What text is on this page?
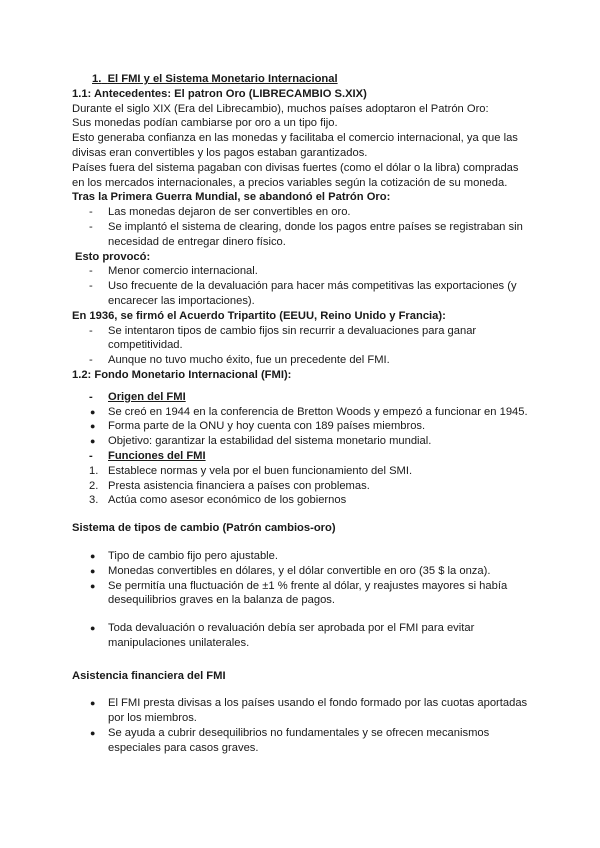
1. El FMI y el Sistema Monetario Internacional

1.1: Antecedentes: El patron Oro (LIBRECAMBIO S.XIX)

Durante el siglo XIX (Era del Librecambio), muchos países adoptaron el Patrón Oro:

Sus monedas podían cambiarse por oro a un tipo fijo.

Esto generaba confianza en las monedas y facilitaba el comercio internacional, ya que las divisas eran convertibles y los pagos estaban garantizados.

Países fuera del sistema pagaban con divisas fuertes (como el dólar o la libra) compradas en los mercados internacionales, a precios variables según la cotización de su moneda.

Tras la Primera Guerra Mundial, se abandonó el Patrón Oro:

-	Las monedas dejaron de ser convertibles en oro.
-	Se implantó el sistema de clearing, donde los pagos entre países se registraban sin necesidad de entregar dinero físico.

Esto provocó:

-	Menor comercio internacional.
-	Uso frecuente de la devaluación para hacer más competitivas las exportaciones (y encarecer las importaciones).

En 1936, se firmó el Acuerdo Tripartito (EEUU, Reino Unido y Francia):

-	Se intentaron tipos de cambio fijos sin recurrir a devaluaciones para ganar competitividad.
-	Aunque no tuvo mucho éxito, fue un precedente del FMI.

1.2: Fondo Monetario Internacional (FMI):

-	Origen del FMI
●	Se creó en 1944 en la conferencia de Bretton Woods y empezó a funcionar en 1945.
●	Forma parte de la ONU y hoy cuenta con 189 países miembros.
●	Objetivo: garantizar la estabilidad del sistema monetario mundial.
-	Funciones del FMI
1. Establece normas y vela por el buen funcionamiento del SMI.
2. Presta asistencia financiera a países con problemas.
3. Actúa como asesor económico de los gobiernos

Sistema de tipos de cambio (Patrón cambios-oro)

●	Tipo de cambio fijo pero ajustable.
●	Monedas convertibles en dólares, y el dólar convertible en oro (35 $ la onza).
●	Se permitía una fluctuación de ±1 % frente al dólar, y reajustes mayores si había desequilibrios graves en la balanza de pagos.
●	Toda devaluación o revaluación debía ser aprobada por el FMI para evitar manipulaciones unilaterales.

Asistencia financiera del FMI

●	El FMI presta divisas a los países usando el fondo formado por las cuotas aportadas por los miembros.
●	Se ayuda a cubrir desequilibrios no fundamentales y se ofrecen mecanismos especiales para casos graves.
